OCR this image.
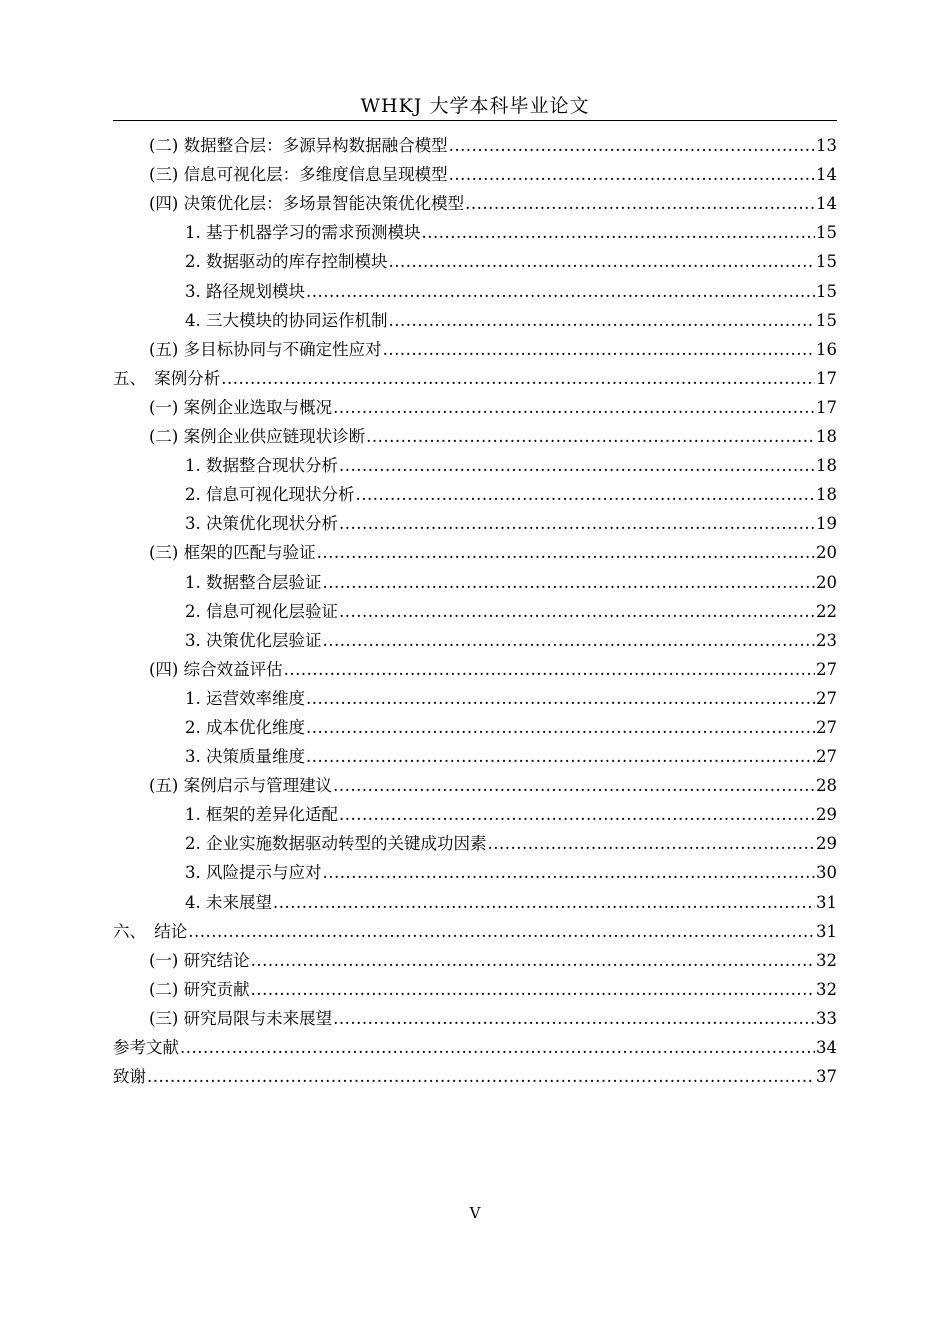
WHKJ 大学本科毕业论文
(二) 数据整合层：多源异构数据融合模型 .....	13
(三) 信息可视化层：多维度信息呈现模型 .....	14
(四) 决策优化层：多场景智能决策优化模型 .....	14
1. 基于机器学习的需求预测模块 .....	15
2. 数据驱动的库存控制模块 .....	15
3. 路径规划模块 .....	15
4. 三大模块的协同运作机制 .....	15
(五) 多目标协同与不确定性应对 .....	16
五、　案例分析 .....	17
(一) 案例企业选取与概况 .....	17
(二) 案例企业供应链现状诊断 .....	18
1. 数据整合现状分析 .....	18
2. 信息可视化现状分析 .....	18
3. 决策优化现状分析 .....	19
(三) 框架的匹配与验证 .....	20
1. 数据整合层验证 .....	20
2. 信息可视化层验证 .....	22
3. 决策优化层验证 .....	23
(四) 综合效益评估 .....	27
1. 运营效率维度 .....	27
2. 成本优化维度 .....	27
3. 决策质量维度 .....	27
(五) 案例启示与管理建议 .....	28
1. 框架的差异化适配 .....	29
2. 企业实施数据驱动转型的关键成功因素 .....	29
3. 风险提示与应对 .....	30
4. 未来展望 .....	31
六、　结论 .....	31
(一) 研究结论 .....	32
(二) 研究贡献 .....	32
(三) 研究局限与未来展望 .....	33
参考文献 .....	34
致谢 .....	37
V
